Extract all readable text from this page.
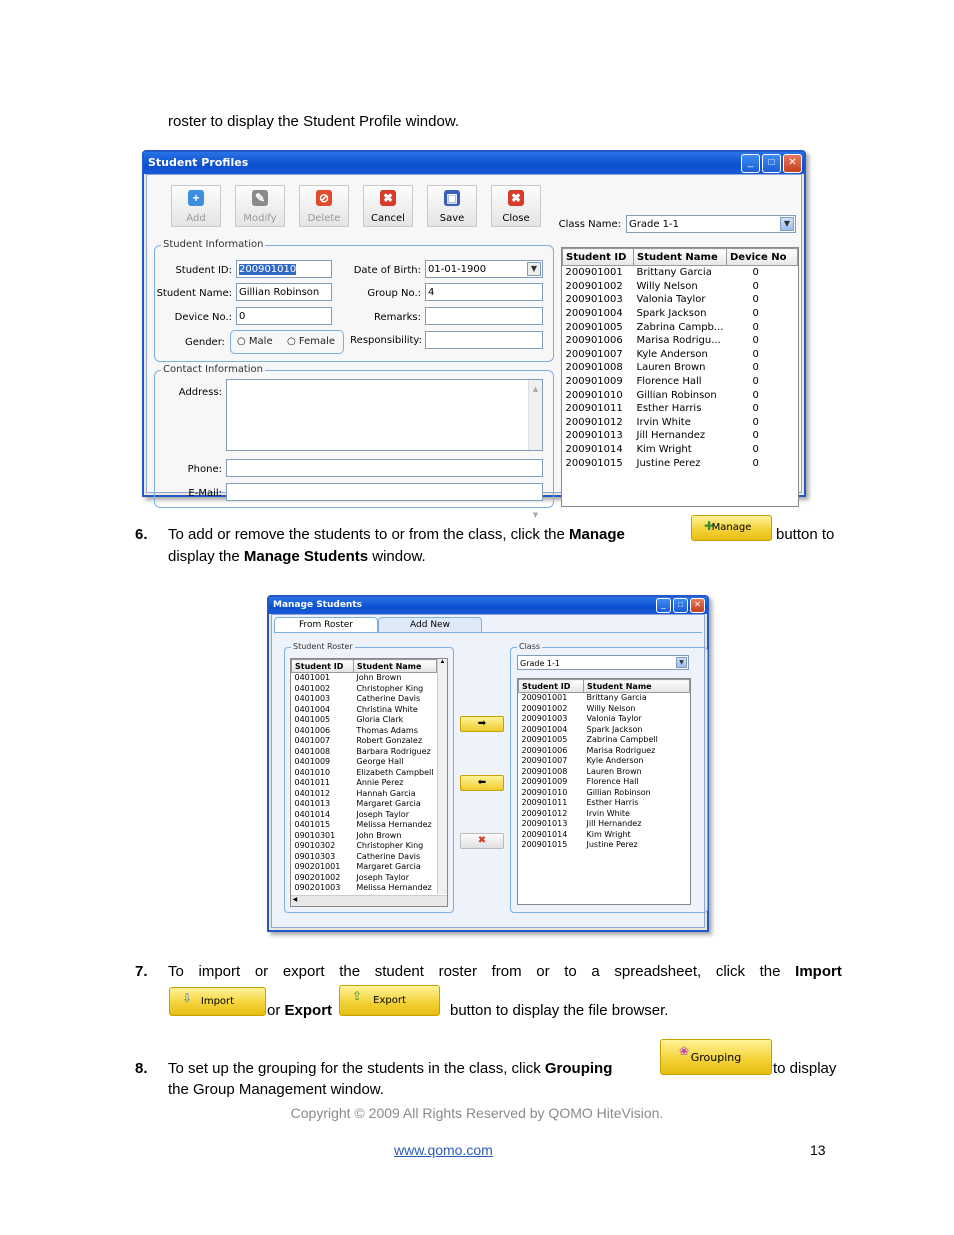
roster to display the Student Profile window.
Student Profiles	_	□	✕
+
Add
✎
Modify
⊘
Delete
✖
Cancel
▣
Save
✖
Close
Class Name: Grade 1-1	▼
Student Information
Student ID: 200901010
Student Name: Gillian Robinson
Device No.: 0
Gender: ○ Male ○ Female
Date of Birth: 01-01-1900	▼
Group No.: 4
Remarks:
Responsibility:
Contact Information
Address:	▲

▼
Phone:
E-Mail:
Student ID	Student Name	Device No
200901001	Brittany Garcia	0
200901002	Willy Nelson	0
200901003	Valonia Taylor	0
200901004	Spark Jackson	0
200901005	Zabrina Campb...	0
200901006	Marisa Rodrigu...	0
200901007	Kyle Anderson	0
200901008	Lauren Brown	0
200901009	Florence Hall	0
200901010	Gillian Robinson	0
200901011	Esther Harris	0
200901012	Irvin White	0
200901013	Jill Hernandez	0
200901014	Kim Wright	0
200901015	Justine Perez	0
6. To add or remove the students to or from the class, click the Manage	✚
Manage	button to
display the Manage Students window.
Manage Students	_	□	✕
From Roster	Add New
Student Roster
Student ID	Student Name
0401001	John Brown
0401002	Christopher King
0401003	Catherine Davis
0401004	Christina White
0401005	Gloria Clark
0401006	Thomas Adams
0401007	Robert Gonzalez
0401008	Barbara Rodriguez
0401009	George Hall
0401010	Elizabeth Campbell
0401011	Annie Perez
0401012	Hannah Garcia
0401013	Margaret Garcia
0401014	Joseph Taylor
0401015	Melissa Hernandez
09010301	John Brown
09010302	Christopher King
09010303	Catherine Davis
090201001	Margaret Garcia
090201002	Joseph Taylor
090201003	Melissa Hernandez
▲
◀
➡
⬅
✖
Class
Grade 1-1	▼
Student ID	Student Name
200901001	Brittany Garcia
200901002	Willy Nelson
200901003	Valonia Taylor
200901004	Spark Jackson
200901005	Zabrina Campbell
200901006	Marisa Rodriguez
200901007	Kyle Anderson
200901008	Lauren Brown
200901009	Florence Hall
200901010	Gillian Robinson
200901011	Esther Harris
200901012	Irvin White
200901013	Jill Hernandez
200901014	Kim Wright
200901015	Justine Perez
7. To import or export the student roster from or to a spreadsheet, click the Import
⇩ Import
or Export
⇪	Export
button to display the file browser.
8. To set up the grouping for the students in the class, click Grouping
❀ Grouping
to display
the Group Management window.
Copyright © 2009 All Rights Reserved by QOMO HiteVision.
www.qomo.com	13
